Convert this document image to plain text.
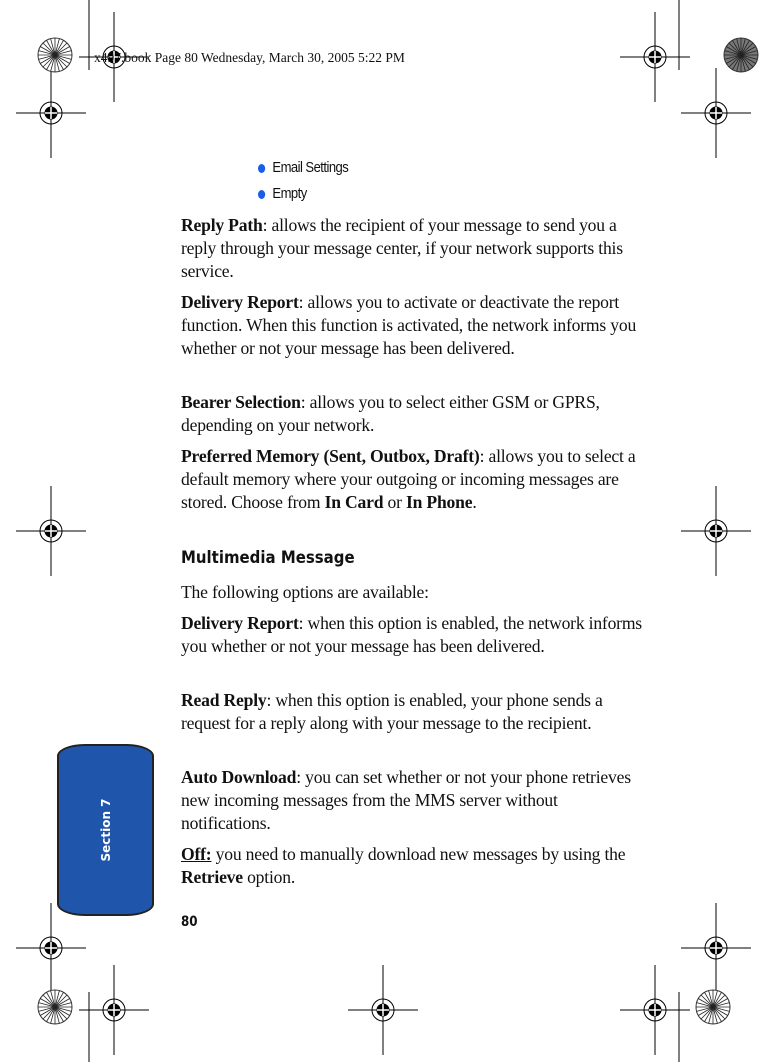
x497.book Page 80 Wednesday, March 30, 2005 5:22 PM
Email Settings
Empty
Reply Path: allows the recipient of your message to send you a reply through your message center, if your network supports this service.
Delivery Report: allows you to activate or deactivate the report function. When this function is activated, the network informs you whether or not your message has been delivered.
Bearer Selection: allows you to select either GSM or GPRS, depending on your network.
Preferred Memory (Sent, Outbox, Draft): allows you to select a default memory where your outgoing or incoming messages are stored. Choose from In Card or In Phone.
Multimedia Message
The following options are available:
Delivery Report: when this option is enabled, the network informs you whether or not your message has been delivered.
Read Reply: when this option is enabled, your phone sends a request for a reply along with your message to the recipient.
Auto Download: you can set whether or not your phone retrieves new incoming messages from the MMS server without notifications.
Off: you need to manually download new messages by using the Retrieve option.
Section 7
80
